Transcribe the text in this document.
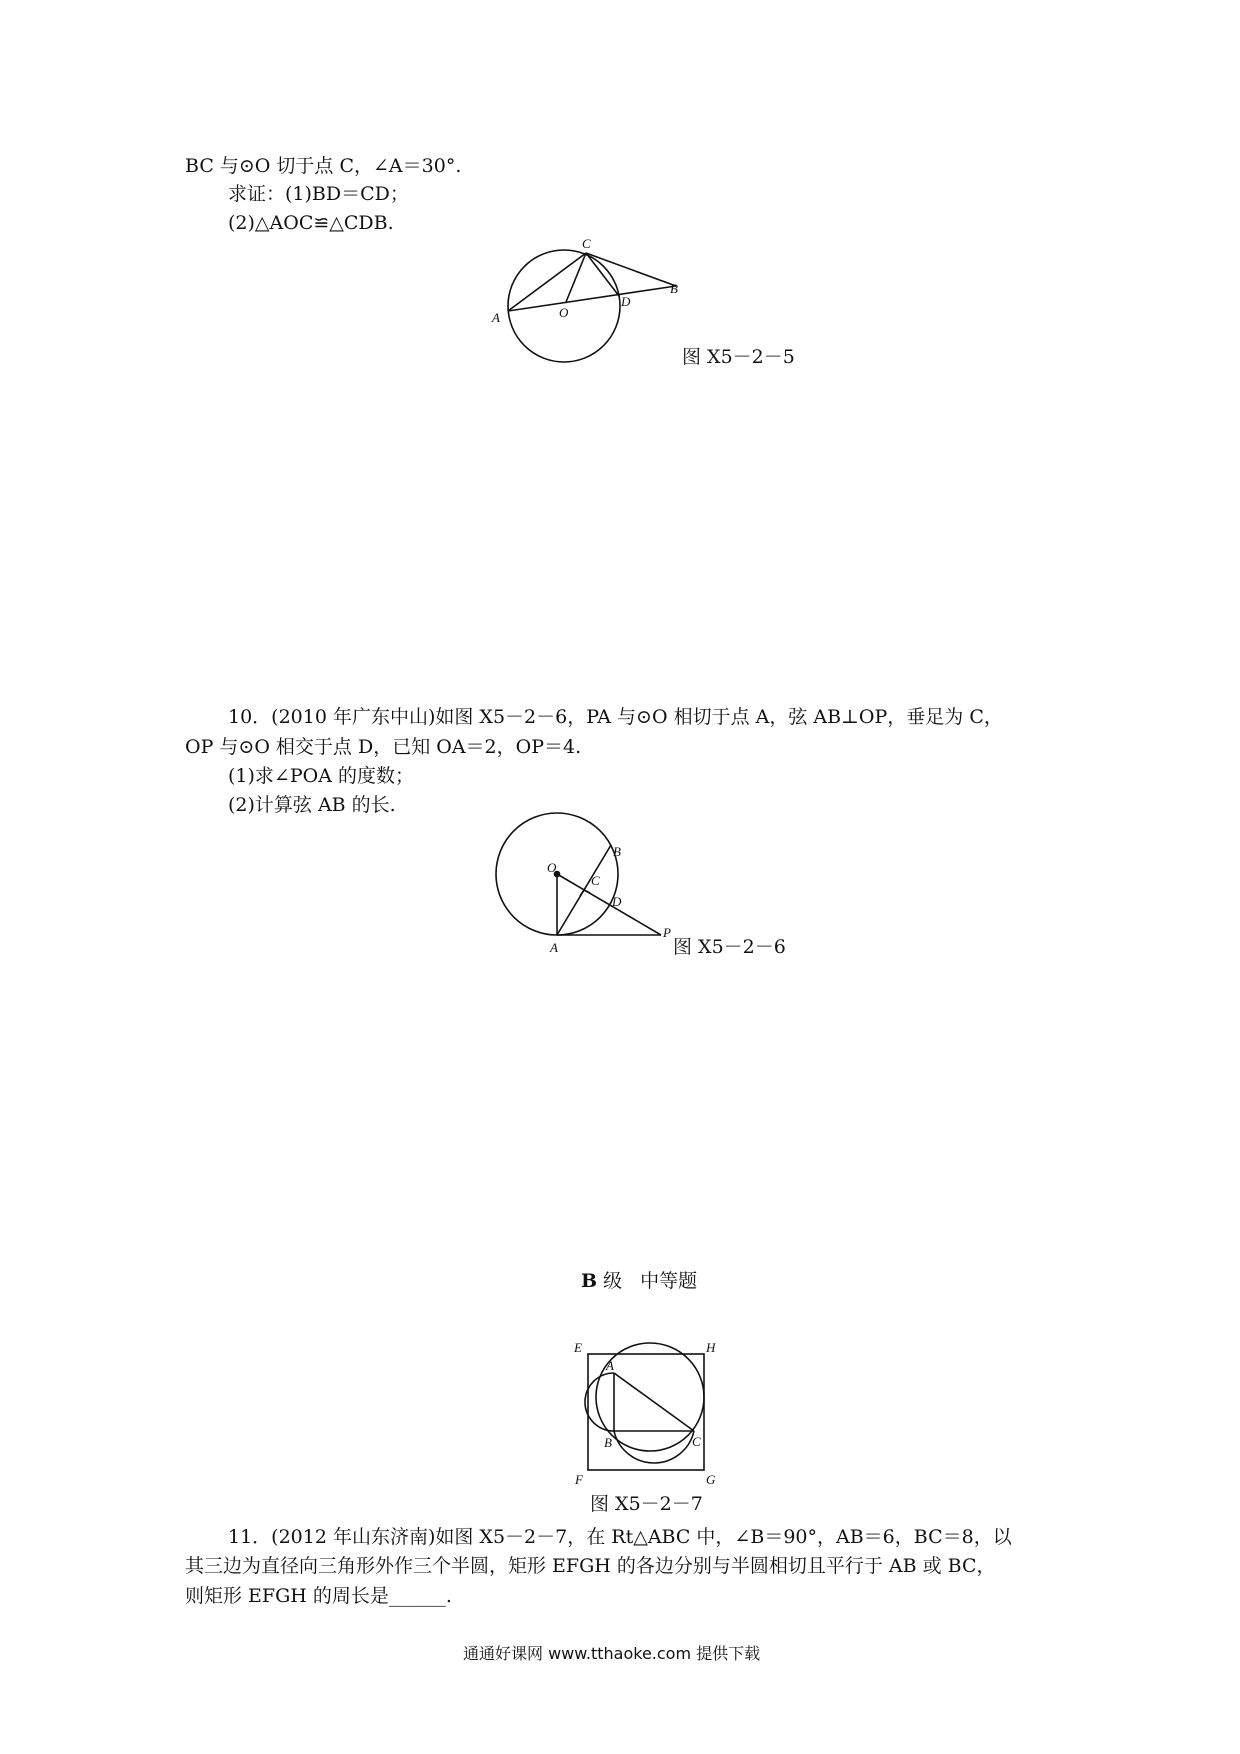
BC 与⊙O 切于点 C，∠A＝30°.
求证：(1)BD＝CD；
(2)△AOC≌△CDB.
C
B
D
O
A
图 X5－2－5
10．(2010 年广东中山)如图 X5－2－6，PA 与⊙O 相切于点 A，弦 AB⊥OP，垂足为 C，
OP 与⊙O 相交于点 D，已知 OA＝2，OP＝4.
(1)求∠POA 的度数；
(2)计算弦 AB 的长.
O
B
C
D
A
P
图 X5－2－6
B 级 中等题
E	H
A
B	C
F	G
图 X5－2－7
11．(2012 年山东济南)如图 X5－2－7，在 Rt△ABC 中，∠B＝90°，AB＝6，BC＝8，以
其三边为直径向三角形外作三个半圆，矩形 EFGH 的各边分别与半圆相切且平行于 AB 或 BC，
则矩形 EFGH 的周长是______.
通通好课网 www.tthaoke.com 提供下载
